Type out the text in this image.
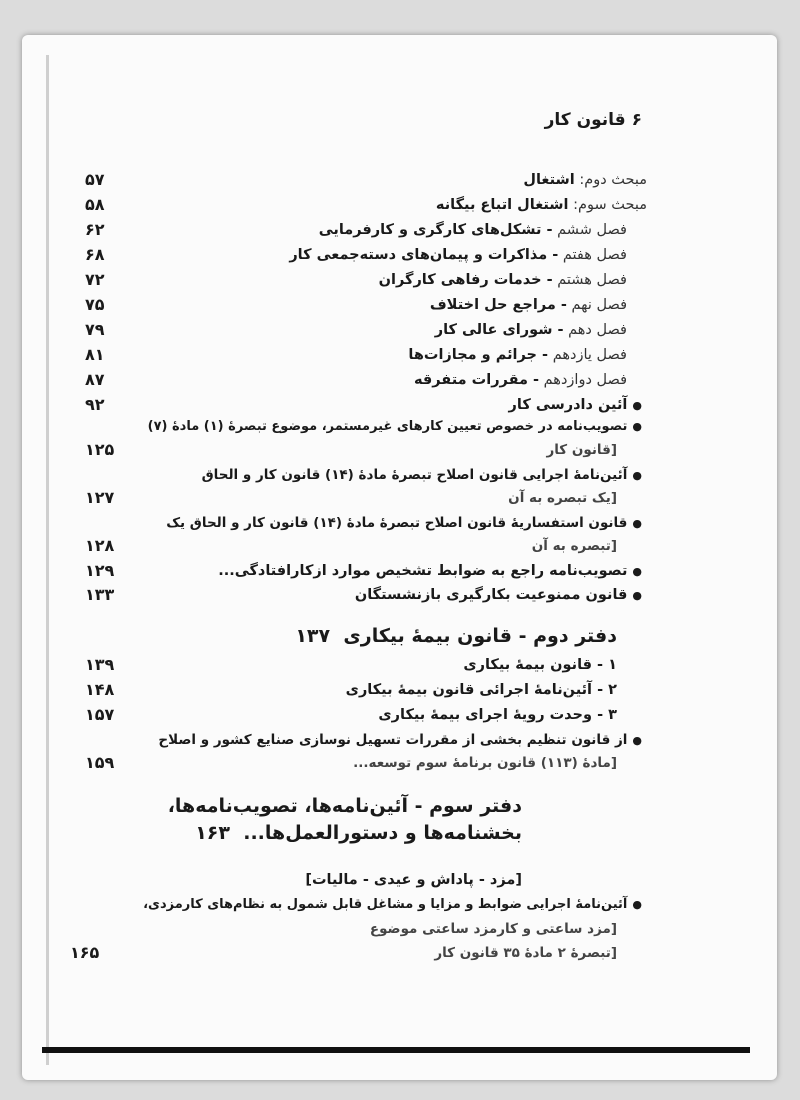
۶ قانون کار
مبحث دوم: اشتغال
۵۷
مبحث سوم: اشتغال اتباع بیگانه
۵۸
فصل ششم - تشکل‌های کارگری و کارفرمایی
۶۲
فصل هفتم - مذاکرات و پیمان‌های دسته‌جمعی کار
۶۸
فصل هشتم - خدمات رفاهی کارگران
۷۲
فصل نهم - مراجع حل اختلاف
۷۵
فصل دهم - شورای عالی کار
۷۹
فصل یازدهم - جرائم و مجازات‌ها
۸۱
فصل دوازدهم - مقررات متفرقه
۸۷
● آئین دادرسی کار
۹۲
● تصویب‌نامه در خصوص تعیین کارهای غیرمستمر، موضوع تبصرهٔ (۱) مادهٔ (۷)
[قانون کار
۱۲۵
● آئین‌نامهٔ اجرایی قانون اصلاح تبصرهٔ مادهٔ (۱۴) قانون کار و الحاق
[یک تبصره به آن
۱۲۷
● قانون استفساریهٔ قانون اصلاح تبصرهٔ مادهٔ (۱۴) قانون کار و الحاق یک
[تبصره به آن
۱۲۸
● تصویب‌نامه راجع به ضوابط تشخیص موارد ازکارافتادگی...
۱۲۹
● قانون ممنوعیت بکارگیری بازنشستگان
۱۳۳
دفتر دوم - قانون بیمهٔ بیکاری  ۱۳۷
۱ - قانون بیمهٔ بیکاری
۱۳۹
۲ - آئین‌نامهٔ اجرائی قانون بیمهٔ بیکاری
۱۴۸
۳ - وحدت رویهٔ اجرای بیمهٔ بیکاری
۱۵۷
● از قانون تنظیم بخشی از مقررات تسهیل نوسازی صنایع کشور و اصلاح
[مادهٔ (۱۱۳) قانون برنامهٔ سوم توسعه...
۱۵۹
دفتر سوم - آئین‌نامه‌ها، تصویب‌نامه‌ها،
بخشنامه‌ها و دستورالعمل‌ها...  ۱۶۳
[مزد - پاداش و عیدی - مالیات]
● آئین‌نامهٔ اجرایی ضوابط و مزایا و مشاغل قابل شمول به نظام‌های کارمزدی،
[مزد ساعتی و کارمزد ساعتی موضوع
[تبصرهٔ ۲ مادهٔ ۳۵ قانون کار
۱۶۵
